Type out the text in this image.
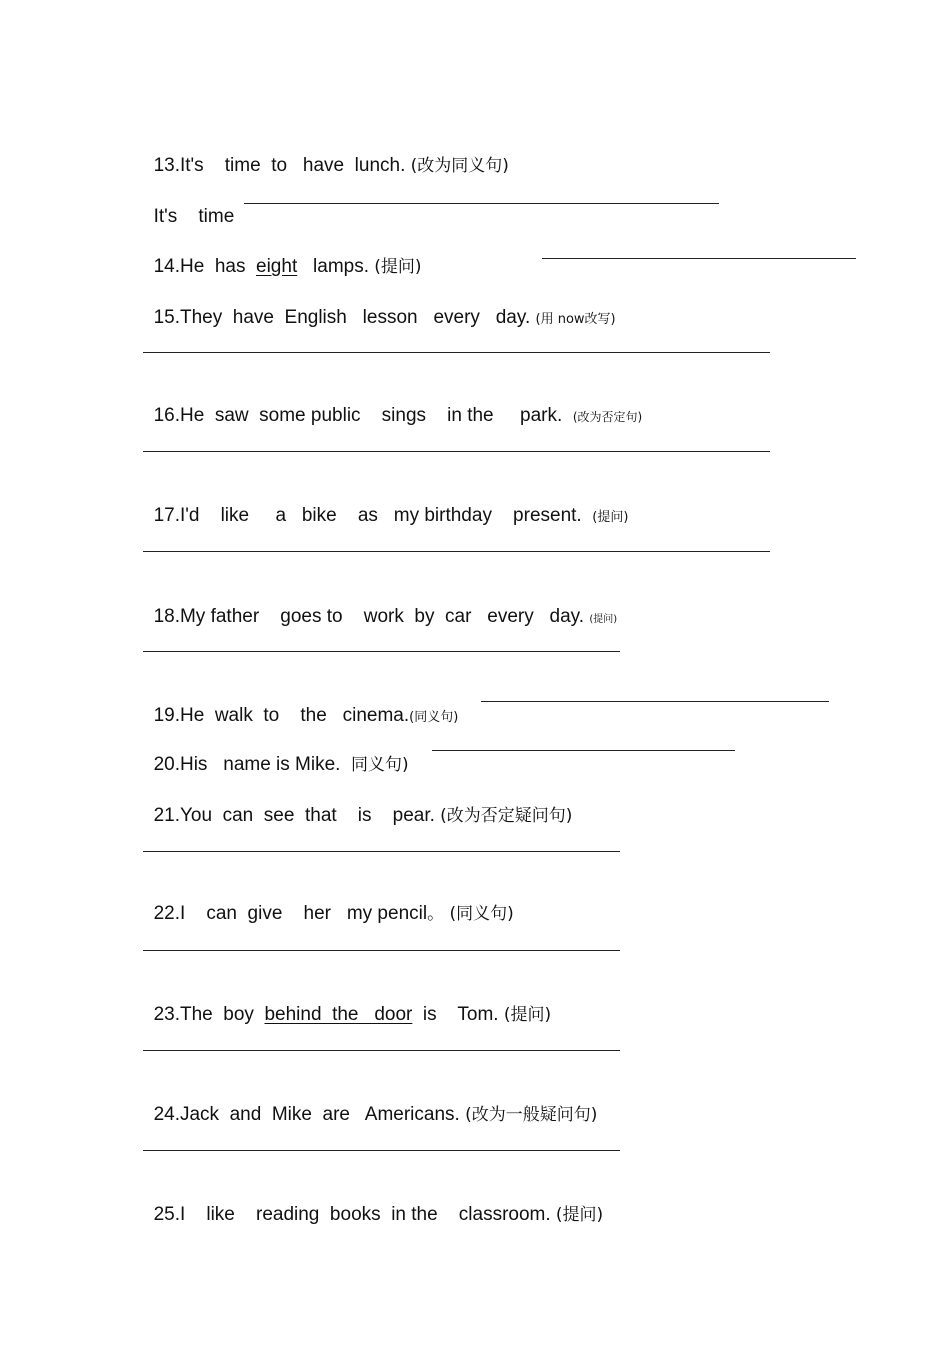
13.It's    time  to   have  lunch. (改为同义句)

It's    time

14.He  has  eight   lamps. (提问)

15.They  have  English   lesson   every   day. (用 now改写)

16.He  saw  some public    sings    in the     park.  (改为否定句)

17.I'd    like     a   bike    as   my birthday    present.  (提问)

18.My father    goes to    work  by  car   every   day. (提问)

19.He  walk  to    the   cinema.(同义句)

20.His   name is Mike.  同义句)

21.You  can  see  that    is    pear. (改为否定疑问句)

22.I    can  give    her   my pencil。 (同义句)

23.The  boy  behind  the   door  is    Tom. (提问)

24.Jack  and  Mike  are   Americans. (改为一般疑问句)

25.I    like    reading  books  in the    classroom. (提问)
